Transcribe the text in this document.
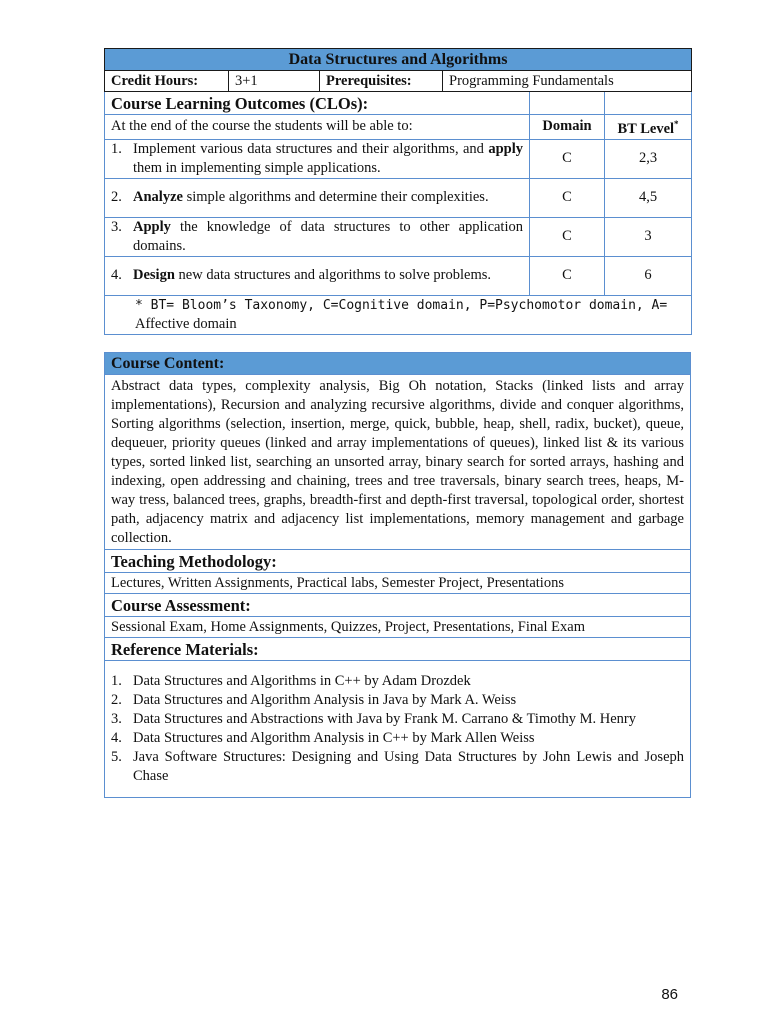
Data Structures and Algorithms					
Credit Hours:	3+1	Prerequisites:	Programming Fundamentals		
Course Learning Outcomes (CLOs):					
At the end of the course the students will be able to:				Domain	BT Level*

1. Implement various data structures and their algorithms, and apply them in implementing simple applications.				C	2,3

2. Analyze simple algorithms and determine their complexities.				C	4,5

3. Apply the knowledge of data structures to other application domains.				C	3

4. Design new data structures and algorithms to solve problems.				C	6
* BT= Bloom’s Taxonomy, C=Cognitive domain, P=Psychomotor domain, A=
Affective domain					
Course Content:
Abstract data types, complexity analysis, Big Oh notation, Stacks (linked lists and array implementations), Recursion and analyzing recursive algorithms, divide and conquer algorithms, Sorting algorithms (selection, insertion, merge, quick, bubble, heap, shell, radix, bucket), queue, dequeuer, priority queues (linked and array implementations of queues), linked list & its various types, sorted linked list, searching an unsorted array, binary search for sorted arrays, hashing and indexing, open addressing and chaining, trees and tree traversals, binary search trees, heaps, M-way tress, balanced trees, graphs, breadth-first and depth-first traversal, topological order, shortest path, adjacency matrix and adjacency list implementations, memory management and garbage collection.
Teaching Methodology:
Lectures, Written Assignments, Practical labs, Semester Project, Presentations
Course Assessment:
Sessional Exam, Home Assignments, Quizzes, Project, Presentations, Final Exam
Reference Materials:

1. Data Structures and Algorithms in C++ by Adam Drozdek
2. Data Structures and Algorithm Analysis in Java by Mark A. Weiss
3. Data Structures and Abstractions with Java by Frank M. Carrano & Timothy M. Henry
4. Data Structures and Algorithm Analysis in C++ by Mark Allen Weiss
5. Java Software Structures: Designing and Using Data Structures by John Lewis and Joseph Chase
86
